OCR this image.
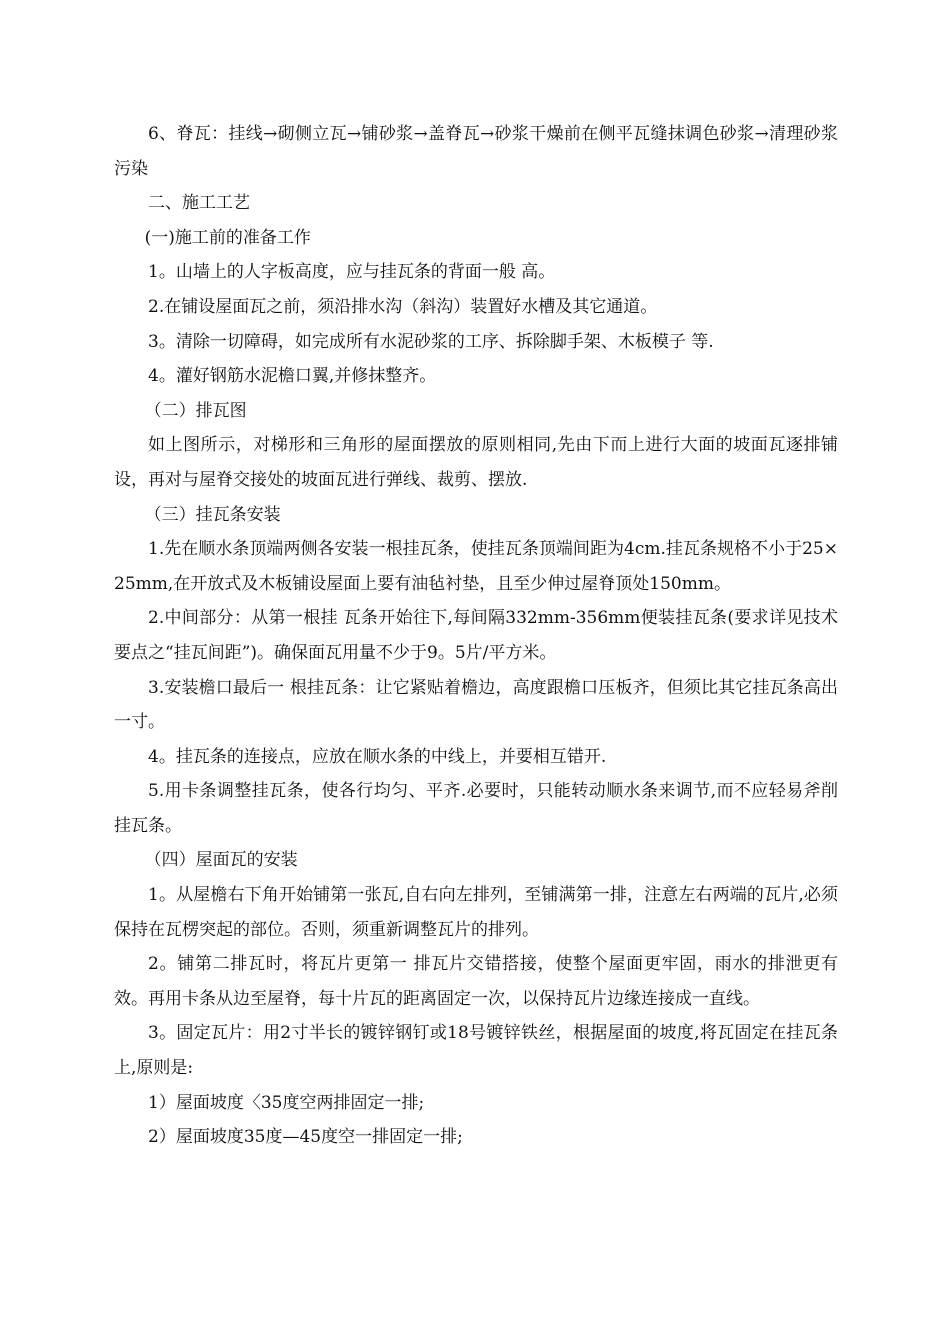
6、脊瓦：挂线→砌侧立瓦→铺砂浆→盖脊瓦→砂浆干燥前在侧平瓦缝抹调色砂浆→清理砂浆污染

二、施工工艺

(一)施工前的准备工作

1。山墙上的人字板高度，应与挂瓦条的背面一般 高。

2.在铺设屋面瓦之前，须沿排水沟（斜沟）装置好水槽及其它通道。

3。清除一切障碍，如完成所有水泥砂浆的工序、拆除脚手架、木板模子 等.

4。灌好钢筋水泥檐口翼,并修抹整齐。

（二）排瓦图

如上图所示，对梯形和三角形的屋面摆放的原则相同,先由下而上进行大面的坡面瓦逐排铺设，再对与屋脊交接处的坡面瓦进行弹线、裁剪、摆放.

（三）挂瓦条安装

1.先在顺水条顶端两侧各安装一根挂瓦条，使挂瓦条顶端间距为4cm.挂瓦条规格不小于25×25mm,在开放式及木板铺设屋面上要有油毡衬垫，且至少伸过屋脊顶处150mm。

2.中间部分：从第一根挂 瓦条开始往下,每间隔332mm-356mm便装挂瓦条(要求详见技术要点之“挂瓦间距”)。确保面瓦用量不少于9。5片/平方米。

3.安装檐口最后一 根挂瓦条：让它紧贴着檐边，高度跟檐口压板齐，但须比其它挂瓦条高出一寸。

4。挂瓦条的连接点，应放在顺水条的中线上，并要相互错开.

5.用卡条调整挂瓦条，使各行均匀、平齐.必要时，只能转动顺水条来调节,而不应轻易斧削挂瓦条。

（四）屋面瓦的安装

1。从屋檐右下角开始铺第一张瓦,自右向左排列，至铺满第一排，注意左右两端的瓦片,必须保持在瓦楞突起的部位。否则，须重新调整瓦片的排列。

2。铺第二排瓦时，将瓦片更第一 排瓦片交错搭接，使整个屋面更牢固，雨水的排泄更有效。再用卡条从边至屋脊，每十片瓦的距离固定一次，以保持瓦片边缘连接成一直线。

3。固定瓦片：用2寸半长的镀锌钢钉或18号镀锌铁丝，根据屋面的坡度,将瓦固定在挂瓦条上,原则是:

1）屋面坡度〈35度空两排固定一排;

2）屋面坡度35度—45度空一排固定一排;
